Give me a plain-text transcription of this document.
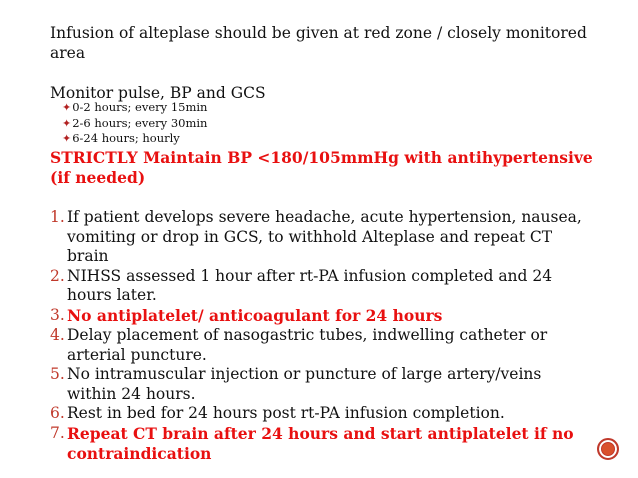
Infusion of alteplase should be given at red zone / closely monitored area

Monitor pulse, BP and GCS

✦0-2 hours; every 15min
✦2-6 hours; every 30min
✦6-24 hours; hourly

STRICTLY Maintain BP <180/105mmHg with antihypertensive (if needed)

1. If patient develops severe headache, acute hypertension, nausea, vomiting or drop in GCS, to withhold Alteplase and repeat CT brain
2. NIHSS assessed 1 hour after rt-PA infusion completed and 24 hours later.
3. No antiplatelet/ anticoagulant for 24 hours
4. Delay placement of nasogastric tubes, indwelling catheter or arterial puncture.
5. No intramuscular injection or puncture of large artery/veins within 24 hours.
6. Rest in bed for 24 hours post rt-PA infusion completion.
7. Repeat CT brain after 24 hours and start antiplatelet if no contraindication
